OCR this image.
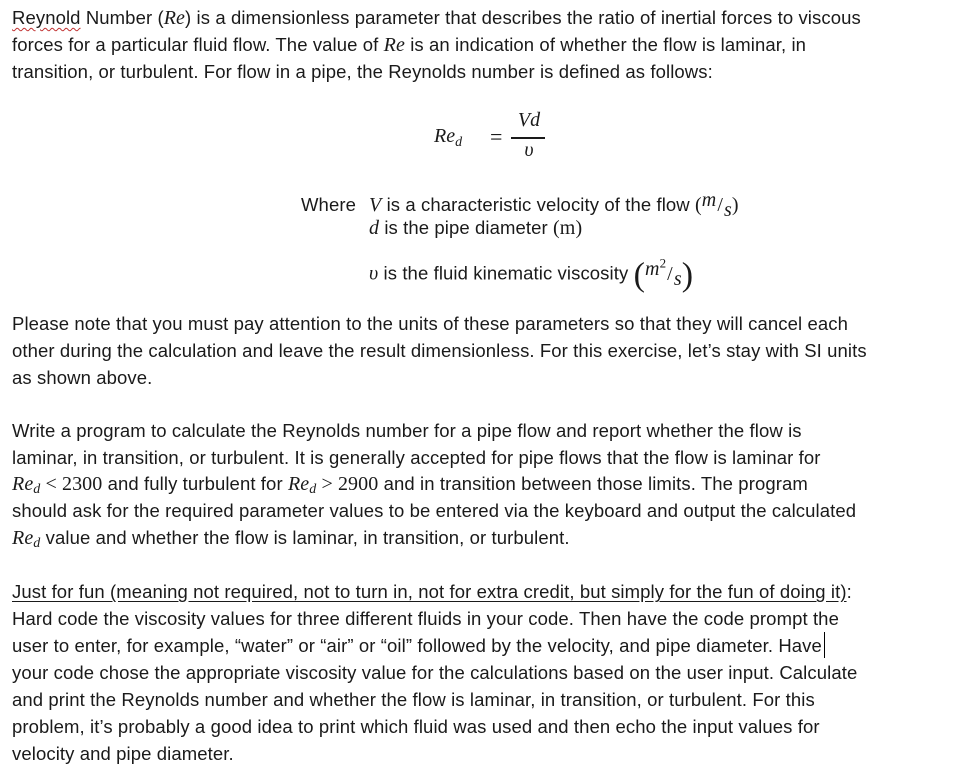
Reynold Number (Re) is a dimensionless parameter that describes the ratio of inertial forces to viscous
forces for a particular fluid flow. The value of Re is an indication of whether the flow is laminar, in
transition, or turbulent. For flow in a pipe, the Reynolds number is defined as follows:
$Re_d$ =
Vd
υ
Where V is a characteristic velocity of the flow (m/s)
d is the pipe diameter (m)
υ is the fluid kinematic viscosity $(m^2/s)$
Please note that you must pay attention to the units of these parameters so that they will cancel each
other during the calculation and leave the result dimensionless. For this exercise, let’s stay with SI units
as shown above.
Write a program to calculate the Reynolds number for a pipe flow and report whether the flow is
laminar, in transition, or turbulent. It is generally accepted for pipe flows that the flow is laminar for
$Re_d < 2300$ and fully turbulent for $Re_d > 2900$ and in transition between those limits. The program
should ask for the required parameter values to be entered via the keyboard and output the calculated
$Re_d$ value and whether the flow is laminar, in transition, or turbulent.
Just for fun (meaning not required, not to turn in, not for extra credit, but simply for the fun of doing it):
Hard code the viscosity values for three different fluids in your code. Then have the code prompt the
user to enter, for example, “water” or “air” or “oil” followed by the velocity, and pipe diameter. Have
your code chose the appropriate viscosity value for the calculations based on the user input. Calculate
and print the Reynolds number and whether the flow is laminar, in transition, or turbulent. For this
problem, it’s probably a good idea to print which fluid was used and then echo the input values for
velocity and pipe diameter.
